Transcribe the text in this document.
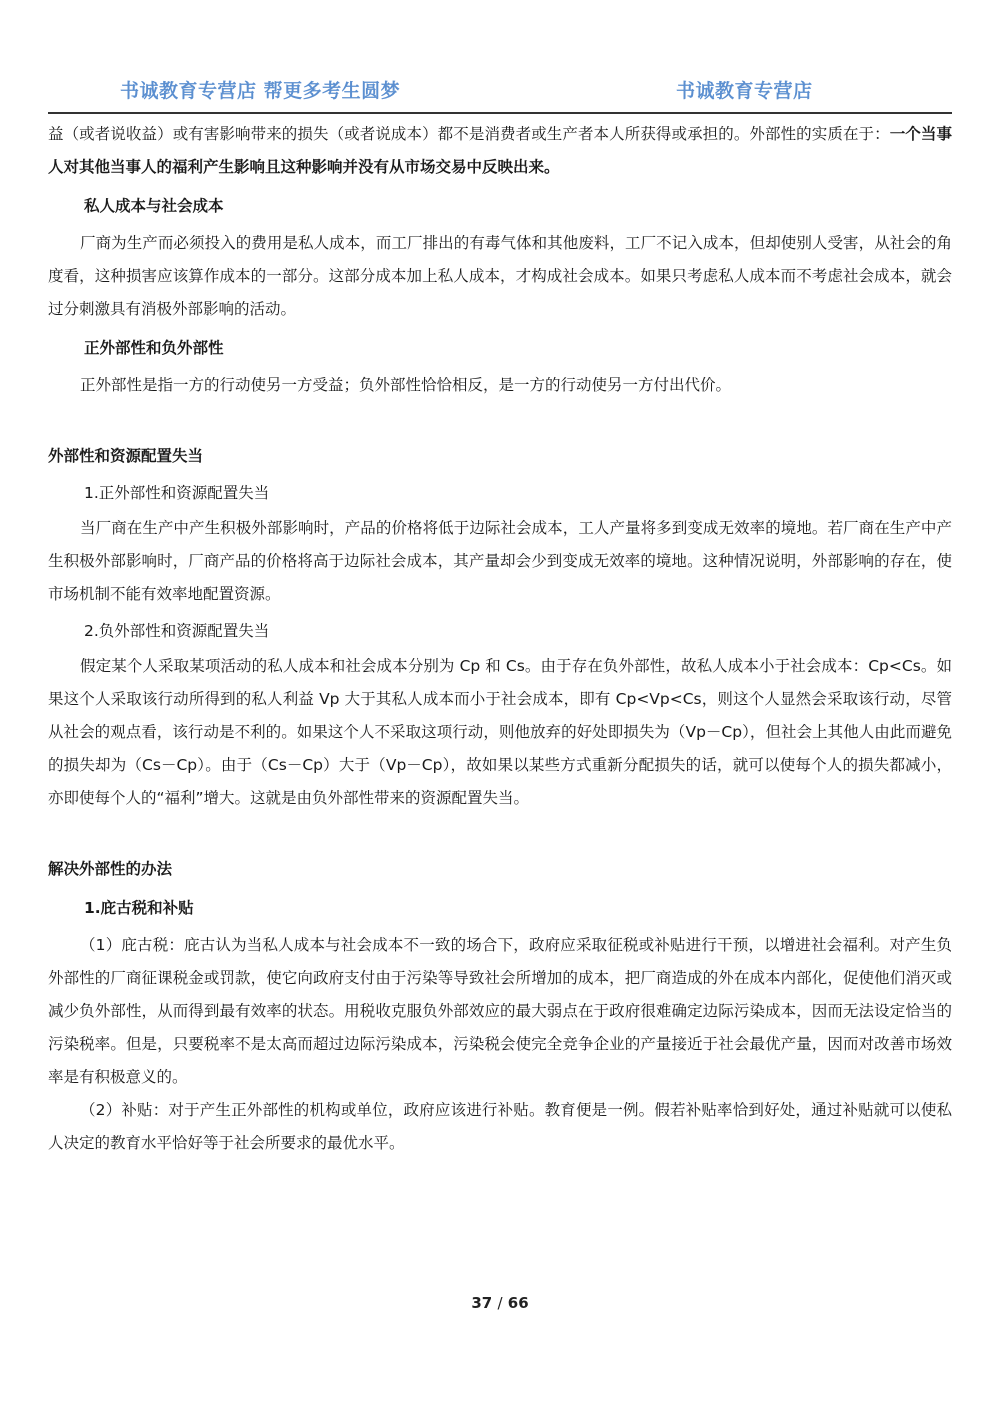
书诚教育专营店 帮更多考生圆梦	书诚教育专营店

益（或者说收益）或有害影响带来的损失（或者说成本）都不是消费者或生产者本人所获得或承担的。外部性的实质在于：一个当事人对其他当事人的福利产生影响且这种影响并没有从市场交易中反映出来。

私人成本与社会成本

厂商为生产而必须投入的费用是私人成本，而工厂排出的有毒气体和其他废料，工厂不记入成本，但却使别人受害，从社会的角度看，这种损害应该算作成本的一部分。这部分成本加上私人成本，才构成社会成本。如果只考虑私人成本而不考虑社会成本，就会过分刺激具有消极外部影响的活动。

正外部性和负外部性

正外部性是指一方的行动使另一方受益；负外部性恰恰相反，是一方的行动使另一方付出代价。

外部性和资源配置失当

1.正外部性和资源配置失当

当厂商在生产中产生积极外部影响时，产品的价格将低于边际社会成本，工人产量将多到变成无效率的境地。若厂商在生产中产生积极外部影响时，厂商产品的价格将高于边际社会成本，其产量却会少到变成无效率的境地。这种情况说明，外部影响的存在，使市场机制不能有效率地配置资源。

2.负外部性和资源配置失当

假定某个人采取某项活动的私人成本和社会成本分别为 Cp 和 Cs。由于存在负外部性，故私人成本小于社会成本：Cp<Cs。如果这个人采取该行动所得到的私人利益 Vp 大于其私人成本而小于社会成本，即有 Cp<Vp<Cs，则这个人显然会采取该行动，尽管从社会的观点看，该行动是不利的。如果这个人不采取这项行动，则他放弃的好处即损失为（Vp－Cp），但社会上其他人由此而避免的损失却为（Cs－Cp）。由于（Cs－Cp）大于（Vp－Cp），故如果以某些方式重新分配损失的话，就可以使每个人的损失都减小，亦即使每个人的“福利”增大。这就是由负外部性带来的资源配置失当。

解决外部性的办法

1.庇古税和补贴

（1）庇古税：庇古认为当私人成本与社会成本不一致的场合下，政府应采取征税或补贴进行干预，以增进社会福利。对产生负外部性的厂商征课税金或罚款，使它向政府支付由于污染等导致社会所增加的成本，把厂商造成的外在成本内部化，促使他们消灭或减少负外部性，从而得到最有效率的状态。用税收克服负外部效应的最大弱点在于政府很难确定边际污染成本，因而无法设定恰当的污染税率。但是，只要税率不是太高而超过边际污染成本，污染税会使完全竞争企业的产量接近于社会最优产量，因而对改善市场效率是有积极意义的。

（2）补贴：对于产生正外部性的机构或单位，政府应该进行补贴。教育便是一例。假若补贴率恰到好处，通过补贴就可以使私人决定的教育水平恰好等于社会所要求的最优水平。

37 / 66
